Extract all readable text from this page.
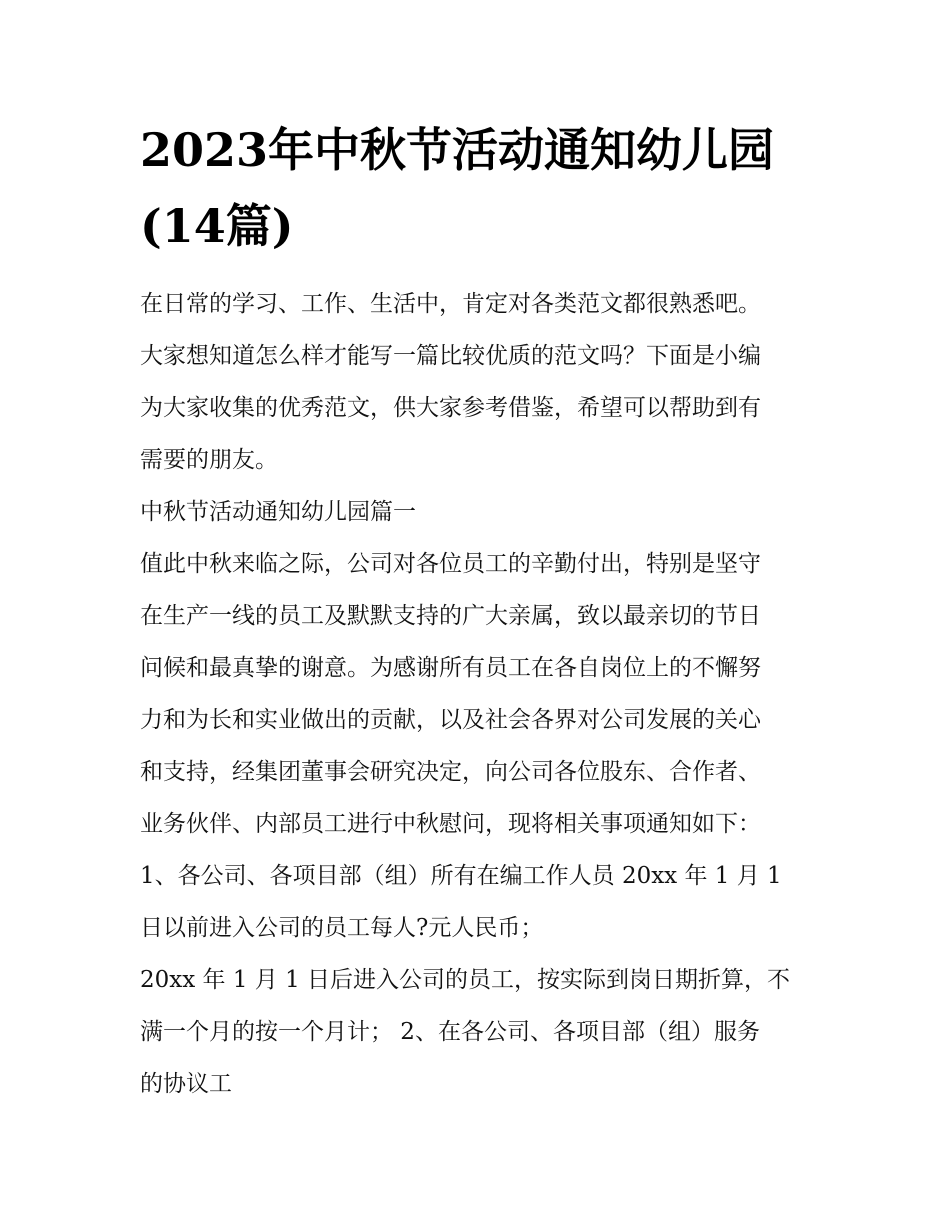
2023年中秋节活动通知幼儿园
(14篇)
在日常的学习、工作、生活中，肯定对各类范文都很熟悉吧。
大家想知道怎么样才能写一篇比较优质的范文吗？下面是小编
为大家收集的优秀范文，供大家参考借鉴，希望可以帮助到有
需要的朋友。
中秋节活动通知幼儿园篇一
值此中秋来临之际，公司对各位员工的辛勤付出，特别是坚守
在生产一线的员工及默默支持的广大亲属，致以最亲切的节日
问候和最真挚的谢意。为感谢所有员工在各自岗位上的不懈努
力和为长和实业做出的贡献，以及社会各界对公司发展的关心
和支持，经集团董事会研究决定，向公司各位股东、合作者、
业务伙伴、内部员工进行中秋慰问，现将相关事项通知如下：
1、各公司、各项目部（组）所有在编工作人员 20xx 年 1 月 1
日以前进入公司的员工每人?元人民币；
20xx 年 1 月 1 日后进入公司的员工，按实际到岗日期折算，不
满一个月的按一个月计； 2、在各公司、各项目部（组）服务
的协议工
